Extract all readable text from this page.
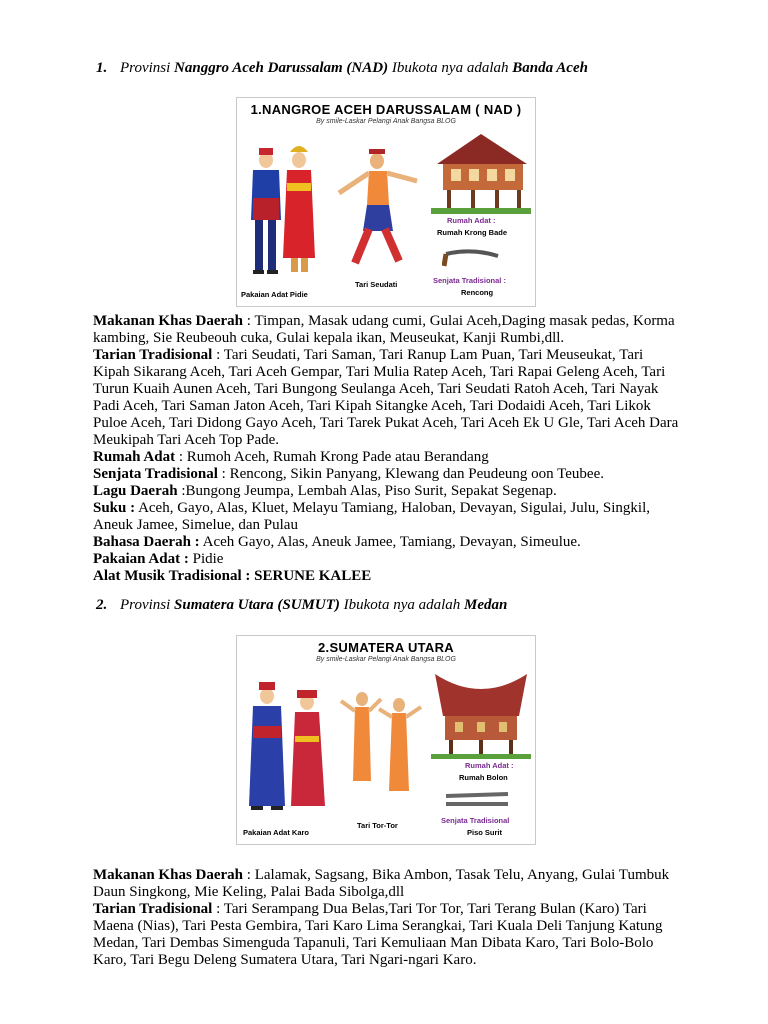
1. Provinsi Nanggro Aceh Darussalam (NAD) Ibukota nya adalah Banda Aceh
1.NANGROE ACEH DARUSSALAM ( NAD )
By smile-Laskar Pelangi Anak Bangsa BLOG
Pakaian Adat Pidie
Tari Seudati
Rumah Adat :
Rumah Krong Bade
Senjata Tradisional :
Rencong

Makanan Khas Daerah : Timpan, Masak udang cumi, Gulai Aceh,Daging masak pedas, Korma kambing, Sie Reubeouh cuka, Gulai kepala ikan, Meuseukat, Kanji Rumbi,dll.

Tarian Tradisional : Tari Seudati, Tari Saman, Tari Ranup Lam Puan, Tari Meuseukat, Tari Kipah Sikarang Aceh, Tari Aceh Gempar, Tari Mulia Ratep Aceh, Tari Rapai Geleng Aceh, Tari Turun Kuaih Aunen Aceh, Tari Bungong Seulanga Aceh, Tari Seudati Ratoh Aceh, Tari Nayak Padi Aceh, Tari Saman Jaton Aceh, Tari Kipah Sitangke Aceh, Tari Dodaidi Aceh, Tari Likok Puloe Aceh, Tari Didong Gayo Aceh, Tari Tarek Pukat Aceh, Tari Aceh Ek U Gle, Tari Aceh Dara Meukipah Tari Aceh Top Pade.

Rumah Adat : Rumoh Aceh, Rumah Krong Pade atau Berandang

Senjata Tradisional : Rencong, Sikin Panyang, Klewang dan Peudeung oon Teubee.

Lagu Daerah :Bungong Jeumpa, Lembah Alas, Piso Surit, Sepakat Segenap.

Suku : Aceh, Gayo, Alas, Kluet, Melayu Tamiang, Haloban, Devayan, Sigulai, Julu, Singkil, Aneuk Jamee, Simelue, dan Pulau

Bahasa Daerah : Aceh Gayo, Alas, Aneuk Jamee, Tamiang, Devayan, Simeulue.

Pakaian Adat : Pidie

Alat Musik Tradisional : SERUNE KALEE

2. Provinsi Sumatera Utara (SUMUT) Ibukota nya adalah Medan
2.SUMATERA UTARA
By smile-Laskar Pelangi Anak Bangsa BLOG
Pakaian Adat Karo
Tari Tor-Tor
Rumah Adat :
Rumah Bolon
Senjata Tradisional
Piso Surit

Makanan Khas Daerah : Lalamak, Sagsang, Bika Ambon, Tasak Telu, Anyang, Gulai Tumbuk Daun Singkong, Mie Keling, Palai Bada Sibolga,dll

Tarian Tradisional : Tari Serampang Dua Belas,Tari Tor Tor, Tari Terang Bulan (Karo) Tari Maena (Nias), Tari Pesta Gembira, Tari Karo Lima Serangkai, Tari Kuala Deli Tanjung Katung Medan, Tari Dembas Simenguda Tapanuli, Tari Kemuliaan Man Dibata Karo, Tari Bolo-Bolo Karo, Tari Begu Deleng Sumatera Utara, Tari Ngari-ngari Karo.
